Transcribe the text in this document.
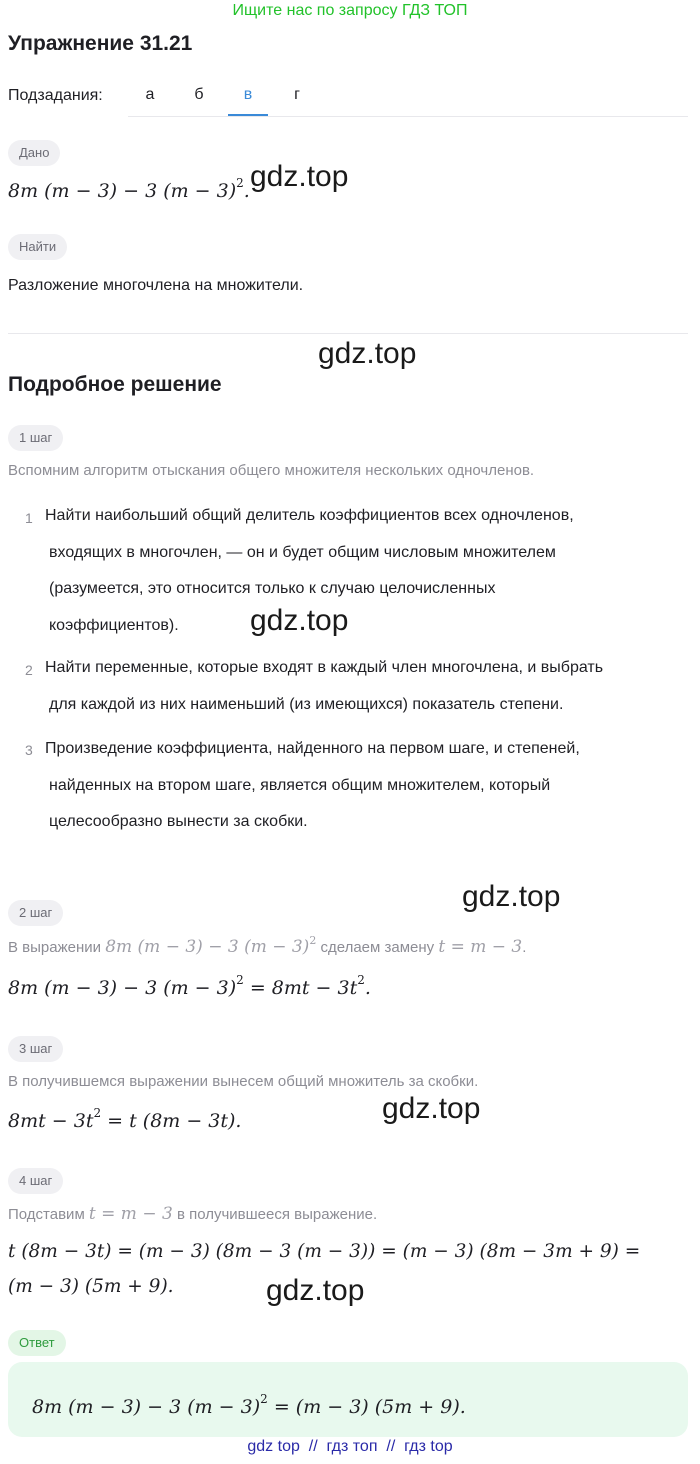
Ищите нас по запросу ГДЗ ТОП
Упражнение 31.21
Подзадания:	а	б	в	г
Дано
8m (m − 3) − 3 $(m - 3)^2$. gdz.top
Найти
Разложение многочлена на множители.
gdz.top
Подробное решение
1 шаг
Вспомним алгоритм отыскания общего множителя нескольких одночленов.
1 Найти наибольший общий делитель коэффициентов всех одночленов,
входящих в многочлен, — он и будет общим числовым множителем
(разумеется, это относится только к случаю целочисленных
коэффициентов).	gdz.top
2 Найти переменные, которые входят в каждый член многочлена, и выбрать
для каждой из них наименьший (из имеющихся) показатель степени.
3 Произведение коэффициента, найденного на первом шаге, и степеней,
найденных на втором шаге, является общим множителем, который
целесообразно вынести за скобки.
gdz.top
2 шаг
В выражении 8m (m − 3) − 3 $(m - 3)^2$ сделаем замену t = m − 3.
8m (m − 3) − 3 $(m - 3)^2 = 8mt - 3t^2$.
3 шаг
В получившемся выражении вынесем общий множитель за скобки.
$8mt - 3t^2 = t$ (8m − 3t).	gdz.top
4 шаг
Подставим t = m − 3 в получившееся выражение.
t (8m − 3t) = (m − 3) (8m − 3 (m − 3)) = (m − 3) (8m − 3m + 9) =
(m − 3) (5m + 9).	gdz.top
Ответ
8m (m − 3) − 3 $(m - 3)^2 = (m - 3)$ (5m + 9).
gdz top  //  гдз топ  //  гдз top
